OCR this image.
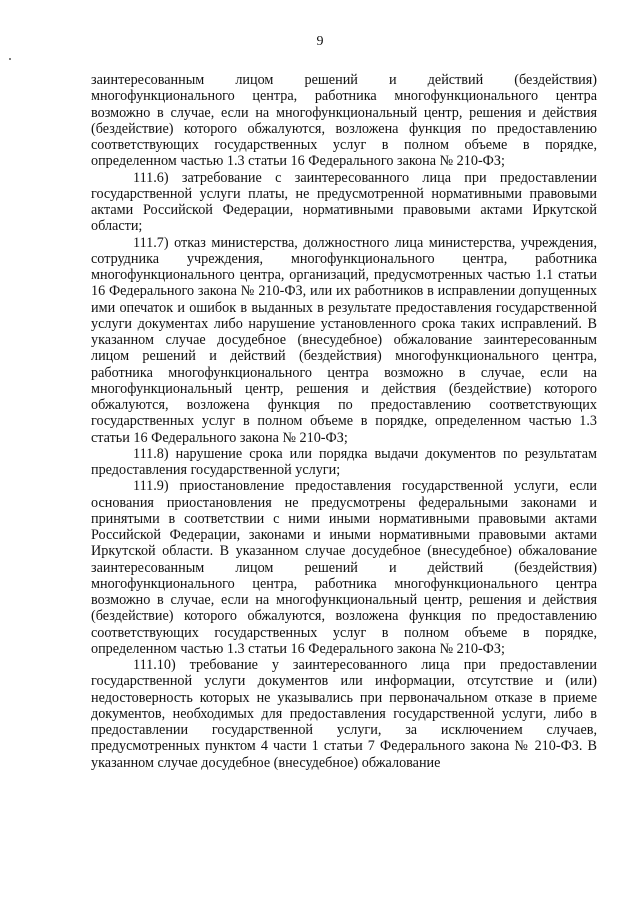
9

заинтересованным лицом решений и действий (бездействия) многофункционального центра, работника многофункционального центра возможно в случае, если на многофункциональный центр, решения и действия (бездействие) которого обжалуются, возложена функция по предоставлению соответствующих государственных услуг в полном объеме в порядке, определенном частью 1.3 статьи 16 Федерального закона № 210-ФЗ;

111.6) затребование с заинтересованного лица при предоставлении государственной услуги платы, не предусмотренной нормативными правовыми актами Российской Федерации, нормативными правовыми актами Иркутской области;

111.7) отказ министерства, должностного лица министерства, учреждения, сотрудника учреждения, многофункционального центра, работника многофункционального центра, организаций, предусмотренных частью 1.1 статьи 16 Федерального закона № 210-ФЗ, или их работников в исправлении допущенных ими опечаток и ошибок в выданных в результате предоставления государственной услуги документах либо нарушение установленного срока таких исправлений. В указанном случае досудебное (внесудебное) обжалование заинтересованным лицом решений и действий (бездействия) многофункционального центра, работника многофункционального центра возможно в случае, если на многофункциональный центр, решения и действия (бездействие) которого обжалуются, возложена функция по предоставлению соответствующих государственных услуг в полном объеме в порядке, определенном частью 1.3 статьи 16 Федерального закона № 210-ФЗ;

111.8) нарушение срока или порядка выдачи документов по результатам предоставления государственной услуги;

111.9) приостановление предоставления государственной услуги, если основания приостановления не предусмотрены федеральными законами и принятыми в соответствии с ними иными нормативными правовыми актами Российской Федерации, законами и иными нормативными правовыми актами Иркутской области. В указанном случае досудебное (внесудебное) обжалование заинтересованным лицом решений и действий (бездействия) многофункционального центра, работника многофункционального центра возможно в случае, если на многофункциональный центр, решения и действия (бездействие) которого обжалуются, возложена функция по предоставлению соответствующих государственных услуг в полном объеме в порядке, определенном частью 1.3 статьи 16 Федерального закона № 210-ФЗ;

111.10) требование у заинтересованного лица при предоставлении государственной услуги документов или информации, отсутствие и (или) недостоверность которых не указывались при первоначальном отказе в приеме документов, необходимых для предоставления государственной услуги, либо в предоставлении государственной услуги, за исключением случаев, предусмотренных пунктом 4 части 1 статьи 7 Федерального закона № 210-ФЗ. В указанном случае досудебное (внесудебное) обжалование
